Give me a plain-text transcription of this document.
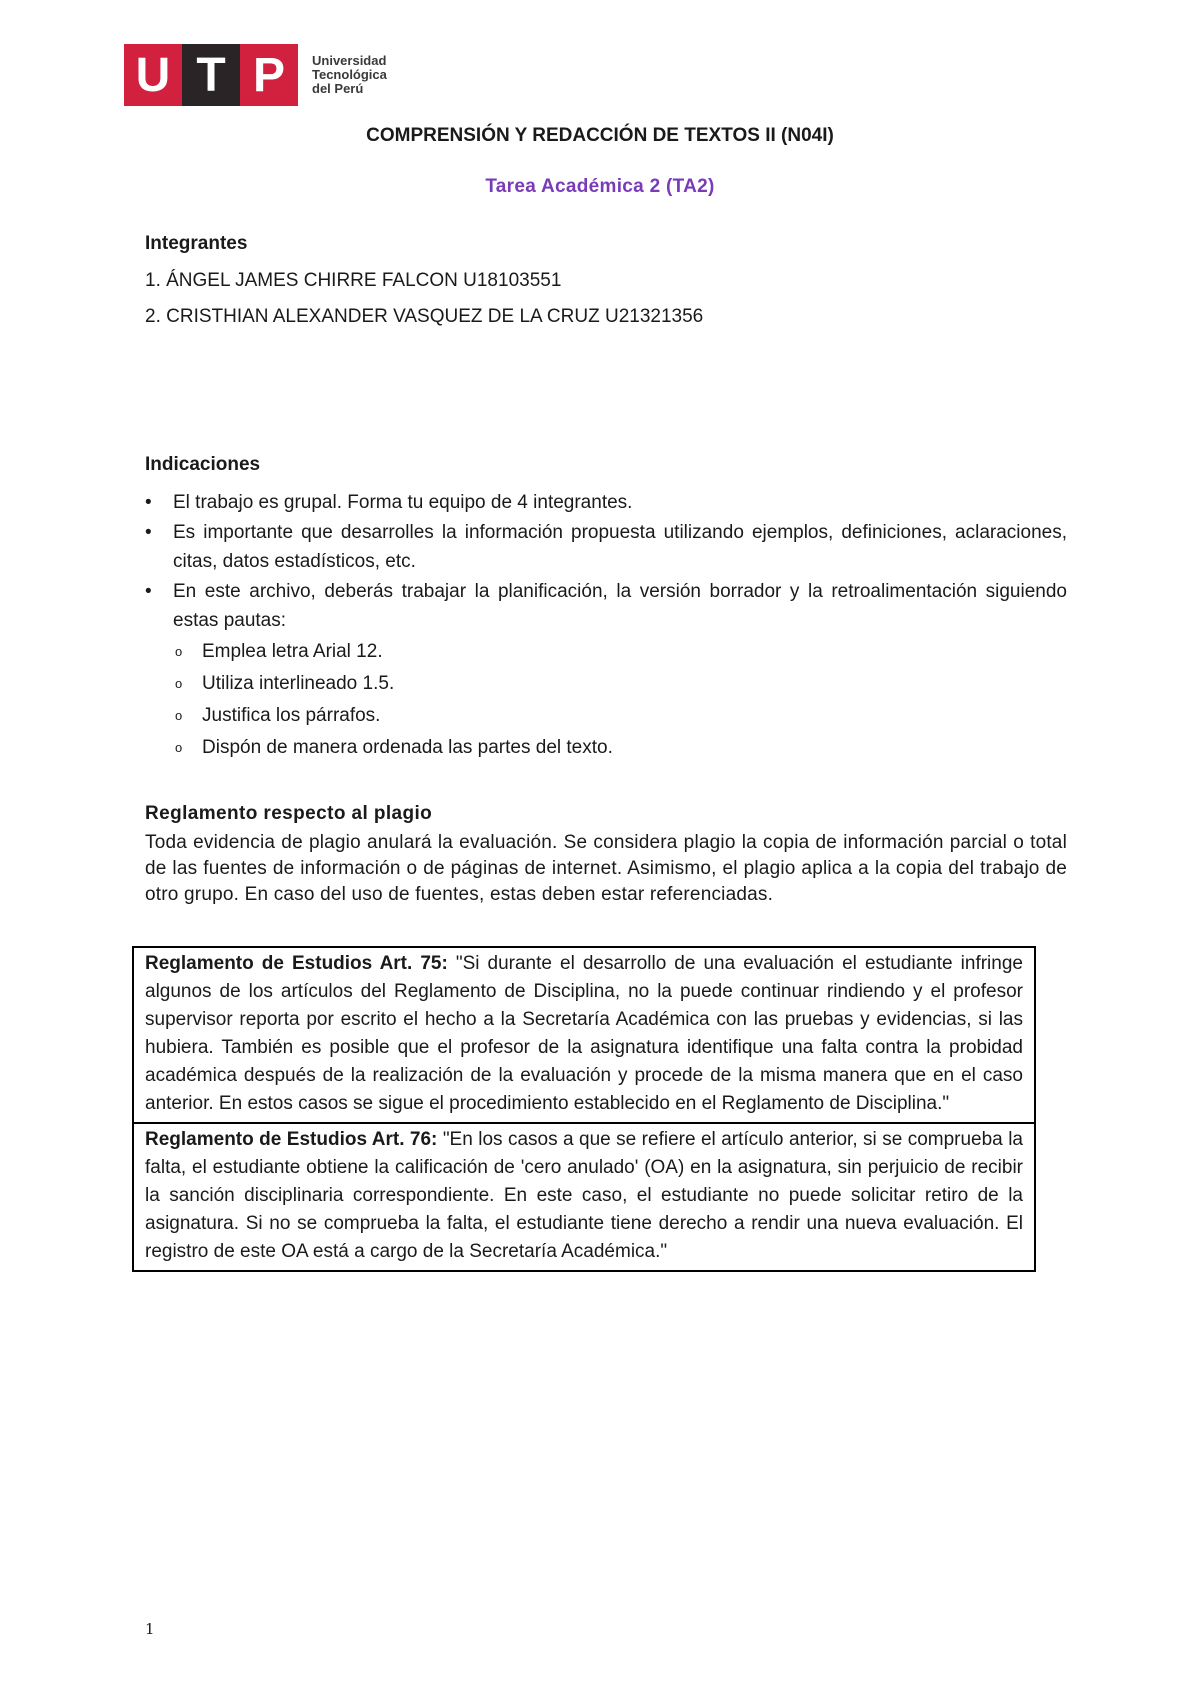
U T P	Universidad
Tecnológica
del Perú
COMPRENSIÓN Y REDACCIÓN DE TEXTOS II (N04I)
Tarea Académica 2 (TA2)
Integrantes
1. ÁNGEL JAMES CHIRRE FALCON U18103551
2. CRISTHIAN ALEXANDER VASQUEZ DE LA CRUZ U21321356
Indicaciones
• El trabajo es grupal. Forma tu equipo de 4 integrantes.
• Es importante que desarrolles la información propuesta utilizando ejemplos, definiciones, aclaraciones, citas, datos estadísticos, etc.
• En este archivo, deberás trabajar la planificación, la versión borrador y la retroalimentación siguiendo estas pautas:
o Emplea letra Arial 12.
o Utiliza interlineado 1.5.
o Justifica los párrafos.
o Dispón de manera ordenada las partes del texto.
Reglamento respecto al plagio
Toda evidencia de plagio anulará la evaluación. Se considera plagio la copia de información parcial o total de las fuentes de información o de páginas de internet. Asimismo, el plagio aplica a la copia del trabajo de otro grupo. En caso del uso de fuentes, estas deben estar referenciadas.
Reglamento de Estudios Art. 75: "Si durante el desarrollo de una evaluación el estudiante infringe algunos de los artículos del Reglamento de Disciplina, no la puede continuar rindiendo y el profesor supervisor reporta por escrito el hecho a la Secretaría Académica con las pruebas y evidencias, si las hubiera. También es posible que el profesor de la asignatura identifique una falta contra la probidad académica después de la realización de la evaluación y procede de la misma manera que en el caso anterior. En estos casos se sigue el procedimiento establecido en el Reglamento de Disciplina."
Reglamento de Estudios Art. 76: "En los casos a que se refiere el artículo anterior, si se comprueba la falta, el estudiante obtiene la calificación de 'cero anulado' (OA) en la asignatura, sin perjuicio de recibir la sanción disciplinaria correspondiente. En este caso, el estudiante no puede solicitar retiro de la asignatura. Si no se comprueba la falta, el estudiante tiene derecho a rendir una nueva evaluación. El registro de este OA está a cargo de la Secretaría Académica."
1
